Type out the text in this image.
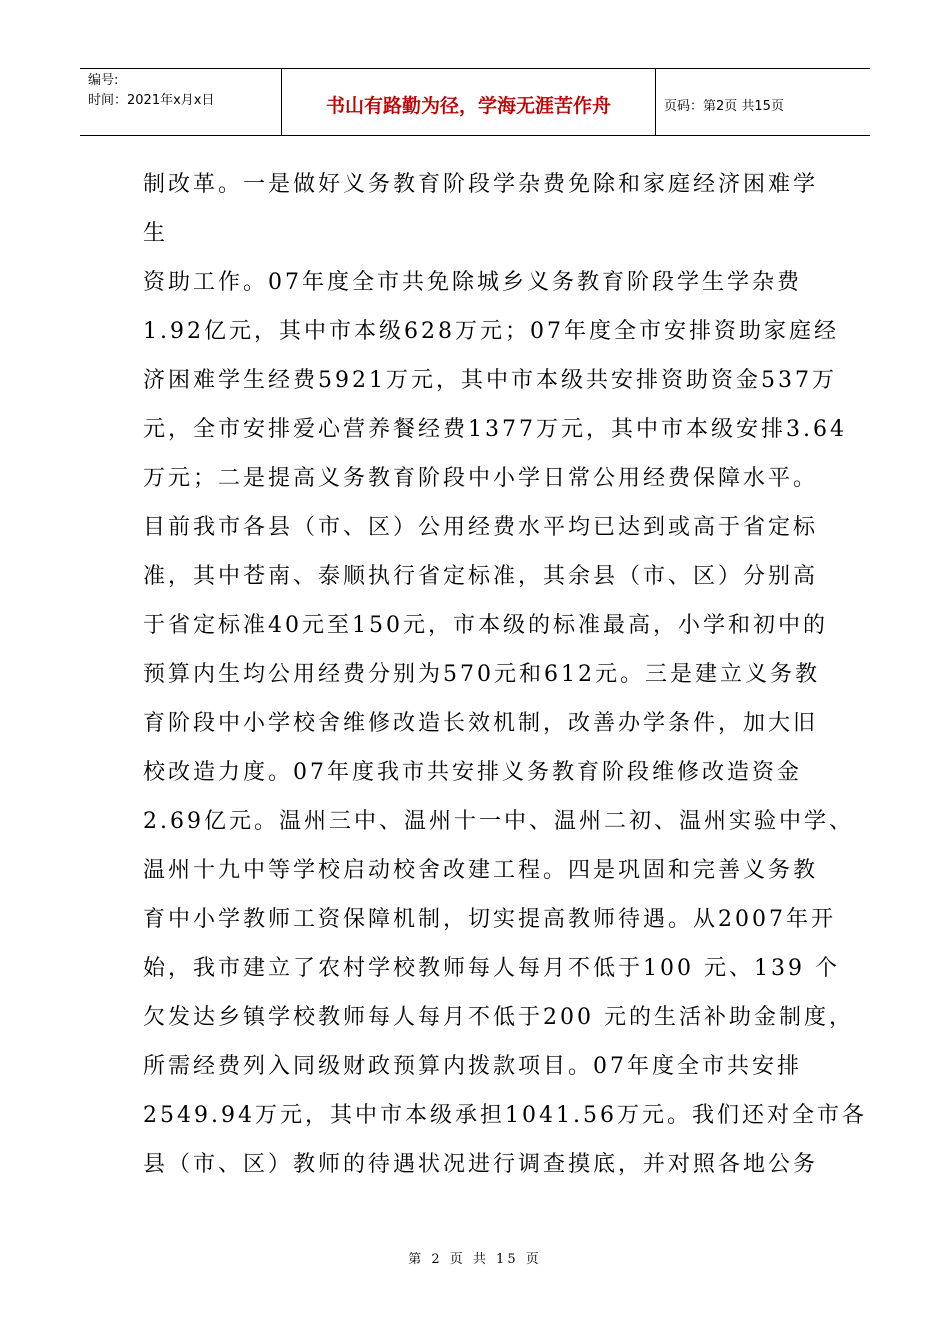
编号:
时间：2021年x月x日	书山有路勤为径，学海无涯苦作舟	页码：第2页 共15页
制改革。一是做好义务教育阶段学杂费免除和家庭经济困难学
生
资助工作。07年度全市共免除城乡义务教育阶段学生学杂费
1.92亿元，其中市本级628万元；07年度全市安排资助家庭经
济困难学生经费5921万元，其中市本级共安排资助资金537万
元，全市安排爱心营养餐经费1377万元，其中市本级安排3.64
万元；二是提高义务教育阶段中小学日常公用经费保障水平。
目前我市各县（市、区）公用经费水平均已达到或高于省定标
准，其中苍南、泰顺执行省定标准，其余县（市、区）分别高
于省定标准40元至150元，市本级的标准最高，小学和初中的
预算内生均公用经费分别为570元和612元。三是建立义务教
育阶段中小学校舍维修改造长效机制，改善办学条件，加大旧
校改造力度。07年度我市共安排义务教育阶段维修改造资金
2.69亿元。温州三中、温州十一中、温州二初、温州实验中学、
温州十九中等学校启动校舍改建工程。四是巩固和完善义务教
育中小学教师工资保障机制，切实提高教师待遇。从2007年开
始，我市建立了农村学校教师每人每月不低于100 元、139 个
欠发达乡镇学校教师每人每月不低于200 元的生活补助金制度，
所需经费列入同级财政预算内拨款项目。07年度全市共安排
2549.94万元，其中市本级承担1041.56万元。我们还对全市各
县（市、区）教师的待遇状况进行调查摸底，并对照各地公务
第 2 页 共 15 页
